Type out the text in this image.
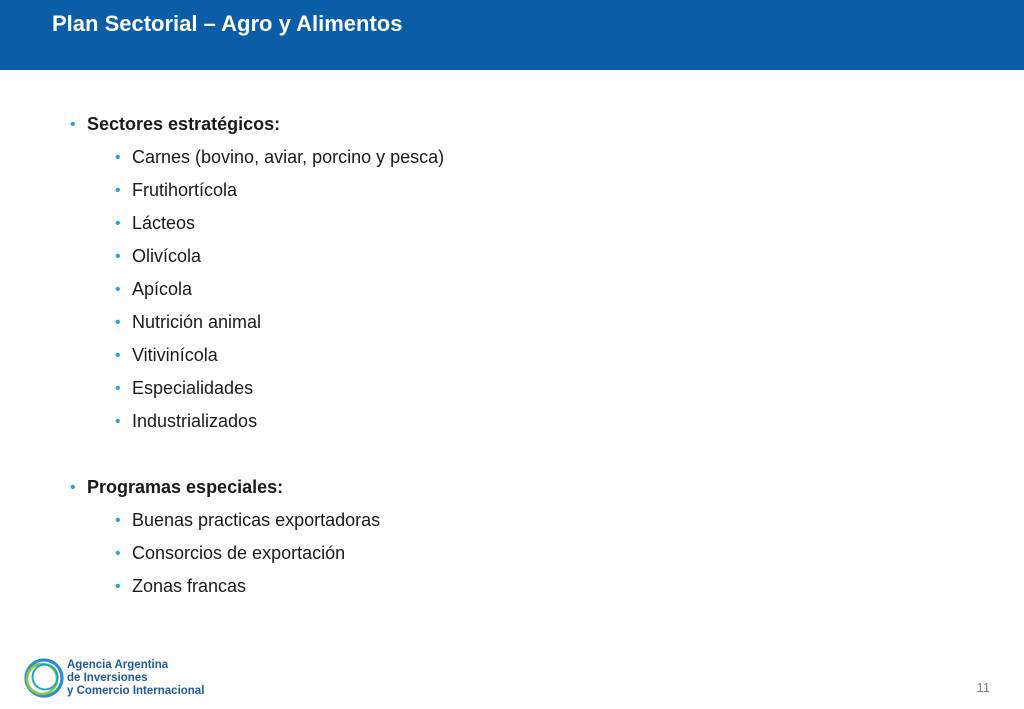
Plan Sectorial – Agro y Alimentos
• Sectores estratégicos:
• Carnes (bovino, aviar, porcino y pesca)
• Frutihortícola
• Lácteos
• Olivícola
• Apícola
• Nutrición animal
• Vitivinícola
• Especialidades
• Industrializados
• Programas especiales:
• Buenas practicas exportadoras
• Consorcios de exportación
• Zonas francas
Agencia Argentina
de Inversiones
y Comercio Internacional	11
